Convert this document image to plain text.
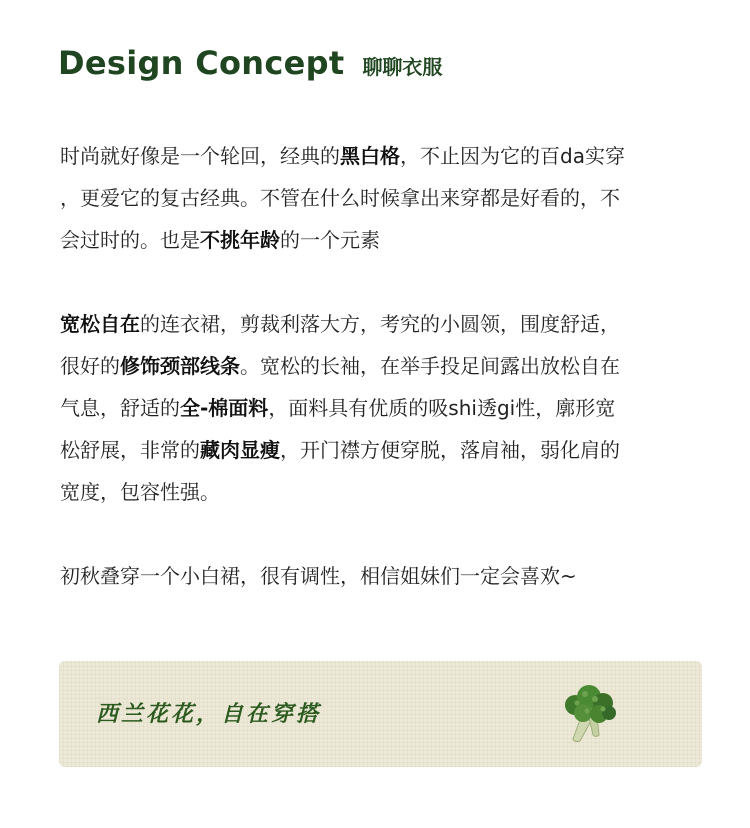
Design Concept 聊聊衣服

时尚就好像是一个轮回，经典的黑白格，不止因为它的百da实穿
，更爱它的复古经典。不管在什么时候拿出来穿都是好看的，不
会过时的。也是不挑年龄的一个元素

宽松自在的连衣裙，剪裁利落大方，考究的小圆领，围度舒适，
很好的修饰颈部线条。宽松的长袖，在举手投足间露出放松自在
气息，舒适的全-棉面料，面料具有优质的吸shi透gi性，廓形宽
松舒展，非常的藏肉显瘦，开门襟方便穿脱，落肩袖，弱化肩的
宽度，包容性强。

初秋叠穿一个小白裙，很有调性，相信姐妹们一定会喜欢~

西兰花花，自在穿搭
